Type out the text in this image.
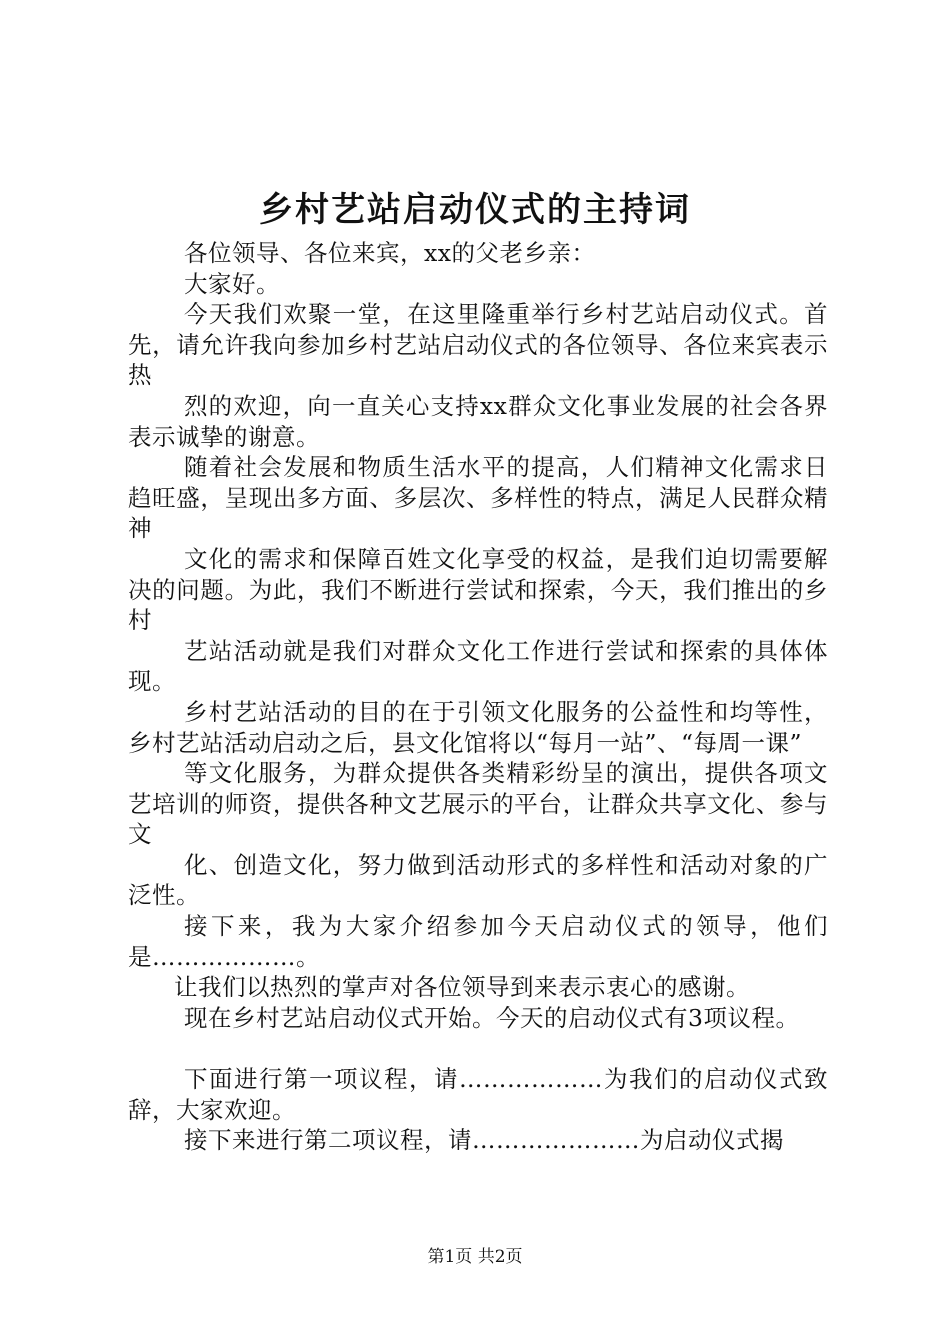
乡村艺站启动仪式的主持词

各位领导、各位来宾，xx的父老乡亲：

大家好。

今天我们欢聚一堂，在这里隆重举行乡村艺站启动仪式。首先，请允许我向参加乡村艺站启动仪式的各位领导、各位来宾表示热

烈的欢迎，向一直关心支持xx群众文化事业发展的社会各界表示诚挚的谢意。

随着社会发展和物质生活水平的提高，人们精神文化需求日趋旺盛，呈现出多方面、多层次、多样性的特点，满足人民群众精神

文化的需求和保障百姓文化享受的权益，是我们迫切需要解决的问题。为此，我们不断进行尝试和探索，今天，我们推出的乡村

艺站活动就是我们对群众文化工作进行尝试和探索的具体体现。

乡村艺站活动的目的在于引领文化服务的公益性和均等性，乡村艺站活动启动之后，县文化馆将以“每月一站”、“每周一课”

等文化服务，为群众提供各类精彩纷呈的演出，提供各项文艺培训的师资，提供各种文艺展示的平台，让群众共享文化、参与文

化、创造文化，努力做到活动形式的多样性和活动对象的广泛性。

接下来，我为大家介绍参加今天启动仪式的领导，他们是………………。

让我们以热烈的掌声对各位领导到来表示衷心的感谢。

现在乡村艺站启动仪式开始。今天的启动仪式有3项议程。

下面进行第一项议程，请………………为我们的启动仪式致辞，大家欢迎。

接下来进行第二项议程，请…………………为启动仪式揭

第1页 共2页
